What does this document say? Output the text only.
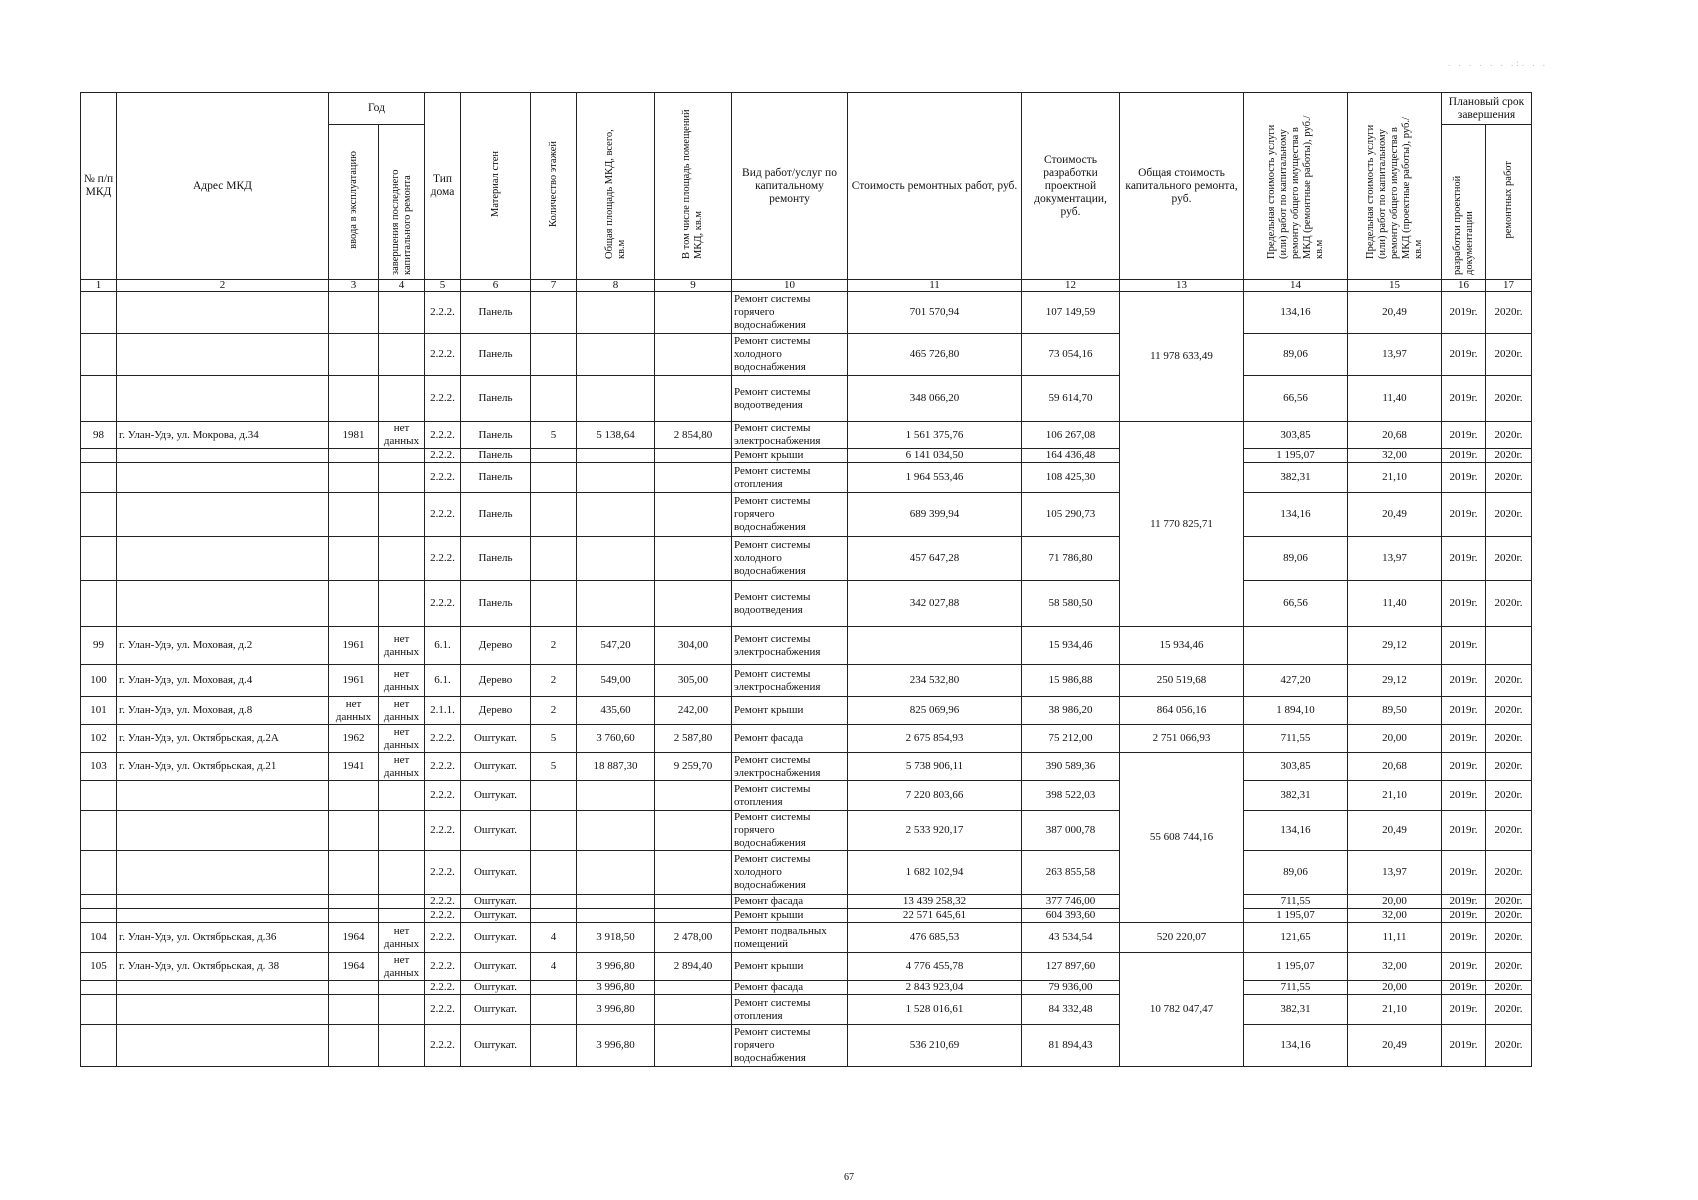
. . . . . . .:. . .
№ п/п МКД	Адрес МКД	Год		Тип дома	Материал стен	Количество этажей	Общая площадь МКД, всего, кв.м	В том числе площадь помещений МКД, кв.м	Вид работ/услуг по капитальному ремонту	Стоимость ремонтных работ, руб.	Стоимость разработки проектной документации, руб.	Общая стоимость капитального ремонта, руб.	Предельная стоимость услуги (или) работ по капитальному ремонту общего имущества в МКД (ремонтные работы), руб./кв.м	Предельная стоимость услуги (или) работ по капитальному ремонту общего имущества в МКД (проектные работы), руб./кв.м	Плановый срок завершения	
		ввода в эксплуатацию	завершения последнего капитального ремонта												разработки проектной документации	ремонтных работ
1	2	3	4	5	6	7	8	9	10	11	12	13	14	15	16	17
				2.2.2.	Панель				Ремонт системы горячего водоснабжения	701 570,94	107 149,59	11 978 633,49	134,16	20,49	2019г.	2020г.
				2.2.2.	Панель				Ремонт системы холодного водоснабжения	465 726,80	73 054,16		89,06	13,97	2019г.	2020г.
				2.2.2.	Панель				Ремонт системы водоотведения	348 066,20	59 614,70		66,56	11,40	2019г.	2020г.
98	г. Улан-Удэ, ул. Мокрова, д.34	1981	нет данных	2.2.2.	Панель	5	5 138,64	2 854,80	Ремонт системы электроснабжения	1 561 375,76	106 267,08	11 770 825,71	303,85	20,68	2019г.	2020г.
				2.2.2.	Панель				Ремонт крыши	6 141 034,50	164 436,48		1 195,07	32,00	2019г.	2020г.
				2.2.2.	Панель				Ремонт системы отопления	1 964 553,46	108 425,30		382,31	21,10	2019г.	2020г.
				2.2.2.	Панель				Ремонт системы горячего водоснабжения	689 399,94	105 290,73		134,16	20,49	2019г.	2020г.
				2.2.2.	Панель				Ремонт системы холодного водоснабжения	457 647,28	71 786,80		89,06	13,97	2019г.	2020г.
				2.2.2.	Панель				Ремонт системы водоотведения	342 027,88	58 580,50		66,56	11,40	2019г.	2020г.
99	г. Улан-Удэ, ул. Моховая, д.2	1961	нет данных	6.1.	Дерево	2	547,20	304,00	Ремонт системы электроснабжения		15 934,46	15 934,46		29,12	2019г.	
100	г. Улан-Удэ, ул. Моховая, д.4	1961	нет данных	6.1.	Дерево	2	549,00	305,00	Ремонт системы электроснабжения	234 532,80	15 986,88	250 519,68	427,20	29,12	2019г.	2020г.
101	г. Улан-Удэ, ул. Моховая, д.8	нет данных	нет данных	2.1.1.	Дерево	2	435,60	242,00	Ремонт крыши	825 069,96	38 986,20	864 056,16	1 894,10	89,50	2019г.	2020г.
102	г. Улан-Удэ, ул. Октябрьская, д.2А	1962	нет данных	2.2.2.	Оштукат.	5	3 760,60	2 587,80	Ремонт фасада	2 675 854,93	75 212,00	2 751 066,93	711,55	20,00	2019г.	2020г.
103	г. Улан-Удэ, ул. Октябрьская, д.21	1941	нет данных	2.2.2.	Оштукат.	5	18 887,30	9 259,70	Ремонт системы электроснабжения	5 738 906,11	390 589,36	55 608 744,16	303,85	20,68	2019г.	2020г.
				2.2.2.	Оштукат.				Ремонт системы отопления	7 220 803,66	398 522,03		382,31	21,10	2019г.	2020г.
				2.2.2.	Оштукат.				Ремонт системы горячего водоснабжения	2 533 920,17	387 000,78		134,16	20,49	2019г.	2020г.
				2.2.2.	Оштукат.				Ремонт системы холодного водоснабжения	1 682 102,94	263 855,58		89,06	13,97	2019г.	2020г.
				2.2.2.	Оштукат.				Ремонт фасада	13 439 258,32	377 746,00		711,55	20,00	2019г.	2020г.
				2.2.2.	Оштукат.				Ремонт крыши	22 571 645,61	604 393,60		1 195,07	32,00	2019г.	2020г.
104	г. Улан-Удэ, ул. Октябрьская, д.36	1964	нет данных	2.2.2.	Оштукат.	4	3 918,50	2 478,00	Ремонт подвальных помещений	476 685,53	43 534,54	520 220,07	121,65	11,11	2019г.	2020г.
105	г. Улан-Удэ, ул. Октябрьская, д. 38	1964	нет данных	2.2.2.	Оштукат.	4	3 996,80	2 894,40	Ремонт крыши	4 776 455,78	127 897,60	10 782 047,47	1 195,07	32,00	2019г.	2020г.
				2.2.2.	Оштукат.		3 996,80		Ремонт фасада	2 843 923,04	79 936,00		711,55	20,00	2019г.	2020г.
				2.2.2.	Оштукат.		3 996,80		Ремонт системы отопления	1 528 016,61	84 332,48		382,31	21,10	2019г.	2020г.
				2.2.2.	Оштукат.		3 996,80		Ремонт системы горячего водоснабжения	536 210,69	81 894,43		134,16	20,49	2019г.	2020г.
67
